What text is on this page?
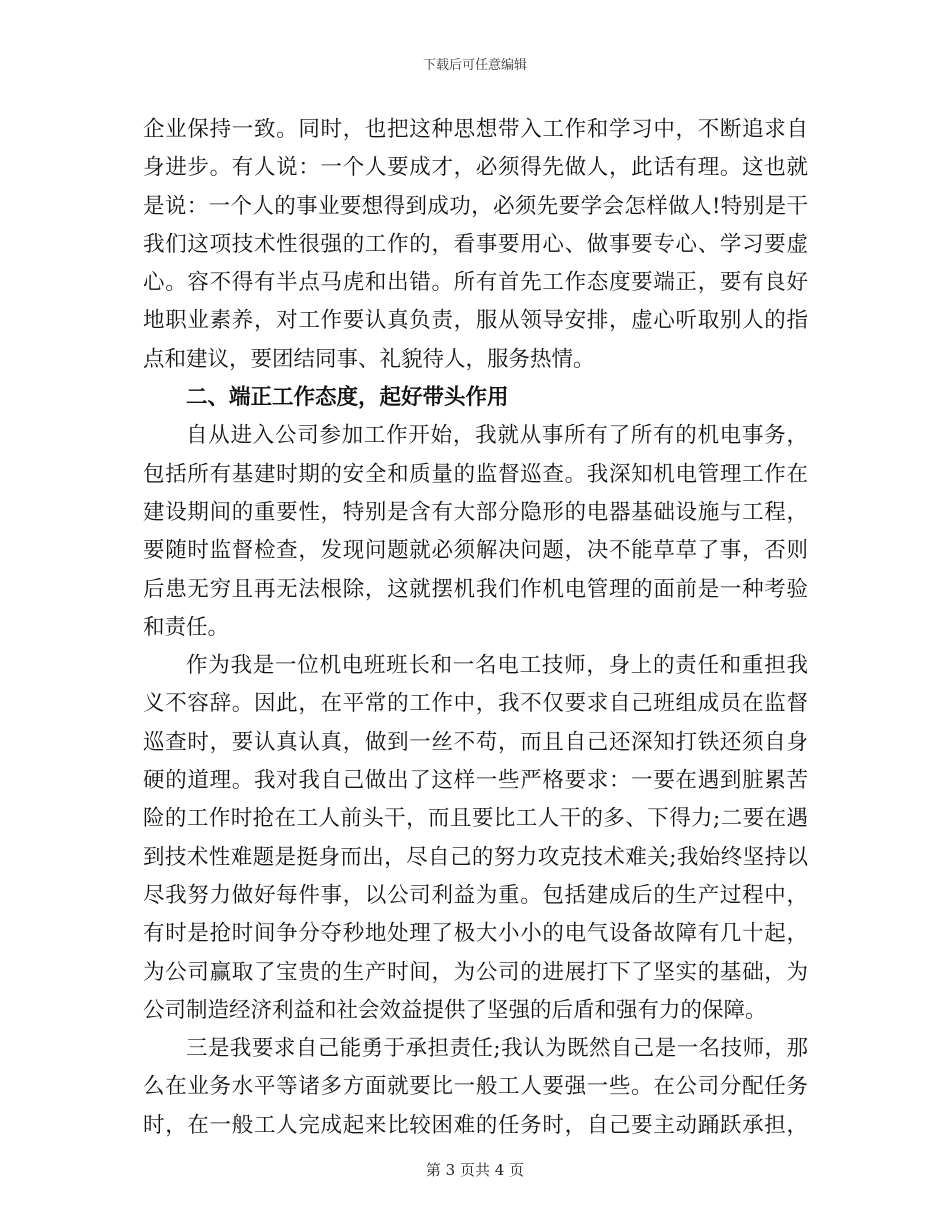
下载后可任意编辑
企业保持一致。同时，也把这种思想带入工作和学习中，不断追求自
身进步。有人说：一个人要成才，必须得先做人，此话有理。这也就
是说：一个人的事业要想得到成功，必须先要学会怎样做人!特别是干
我们这项技术性很强的工作的，看事要用心、做事要专心、学习要虚
心。容不得有半点马虎和出错。所有首先工作态度要端正，要有良好
地职业素养，对工作要认真负责，服从领导安排，虚心听取别人的指
点和建议，要团结同事、礼貌待人，服务热情。
二、端正工作态度，起好带头作用
自从进入公司参加工作开始，我就从事所有了所有的机电事务，
包括所有基建时期的安全和质量的监督巡查。我深知机电管理工作在
建设期间的重要性，特别是含有大部分隐形的电器基础设施与工程，
要随时监督检查，发现问题就必须解决问题，决不能草草了事，否则
后患无穷且再无法根除，这就摆机我们作机电管理的面前是一种考验
和责任。
作为我是一位机电班班长和一名电工技师，身上的责任和重担我
义不容辞。因此，在平常的工作中，我不仅要求自己班组成员在监督
巡查时，要认真认真，做到一丝不苟，而且自己还深知打铁还须自身
硬的道理。我对我自己做出了这样一些严格要求：一要在遇到脏累苦
险的工作时抢在工人前头干，而且要比工人干的多、下得力;二要在遇
到技术性难题是挺身而出，尽自己的努力攻克技术难关;我始终坚持以
尽我努力做好每件事，以公司利益为重。包括建成后的生产过程中，
有时是抢时间争分夺秒地处理了极大小小的电气设备故障有几十起，
为公司赢取了宝贵的生产时间，为公司的进展打下了坚实的基础，为
公司制造经济利益和社会效益提供了坚强的后盾和强有力的保障。
三是我要求自己能勇于承担责任;我认为既然自己是一名技师，那
么在业务水平等诸多方面就要比一般工人要强一些。在公司分配任务
时，在一般工人完成起来比较困难的任务时，自己要主动踊跃承担，
第 3 页共 4 页
